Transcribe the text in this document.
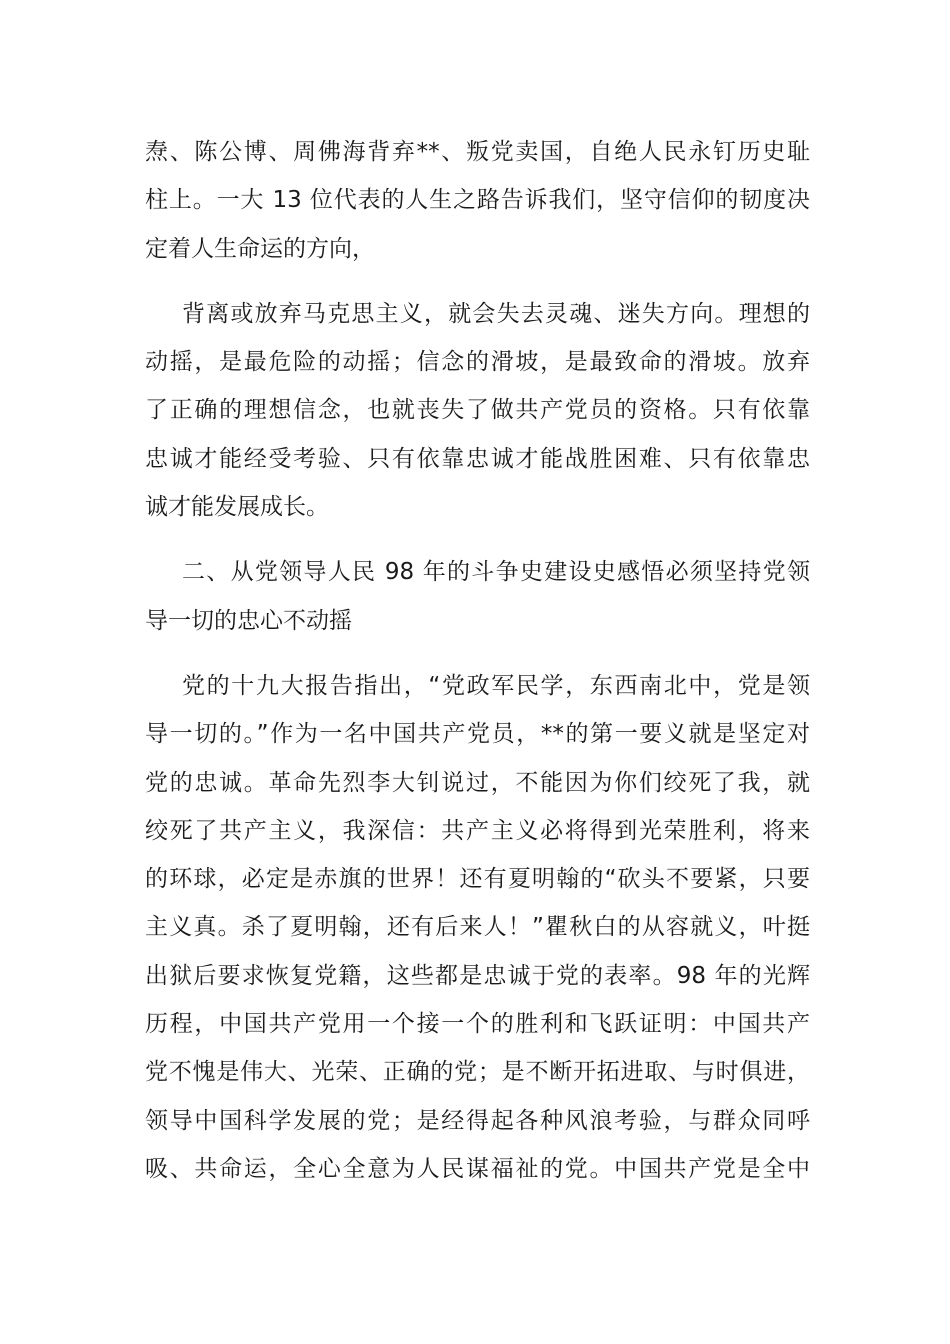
焘、陈公博、周佛海背弃**、叛党卖国，自绝人民永钉历史耻
柱上。一大 13 位代表的人生之路告诉我们，坚守信仰的韧度决
定着人生命运的方向，
背离或放弃马克思主义，就会失去灵魂、迷失方向。理想的
动摇，是最危险的动摇；信念的滑坡，是最致命的滑坡。放弃
了正确的理想信念，也就丧失了做共产党员的资格。只有依靠
忠诚才能经受考验、只有依靠忠诚才能战胜困难、只有依靠忠
诚才能发展成长。
二、从党领导人民 98 年的斗争史建设史感悟必须坚持党领
导一切的忠心不动摇
党的十九大报告指出，“党政军民学，东西南北中，党是领
导一切的。”作为一名中国共产党员，**的第一要义就是坚定对
党的忠诚。革命先烈李大钊说过，不能因为你们绞死了我，就
绞死了共产主义，我深信：共产主义必将得到光荣胜利，将来
的环球，必定是赤旗的世界！还有夏明翰的“砍头不要紧，只要
主义真。杀了夏明翰，还有后来人！”瞿秋白的从容就义，叶挺
出狱后要求恢复党籍，这些都是忠诚于党的表率。98 年的光辉
历程，中国共产党用一个接一个的胜利和飞跃证明：中国共产
党不愧是伟大、光荣、正确的党；是不断开拓进取、与时俱进，
领导中国科学发展的党；是经得起各种风浪考验，与群众同呼
吸、共命运，全心全意为人民谋福祉的党。中国共产党是全中
